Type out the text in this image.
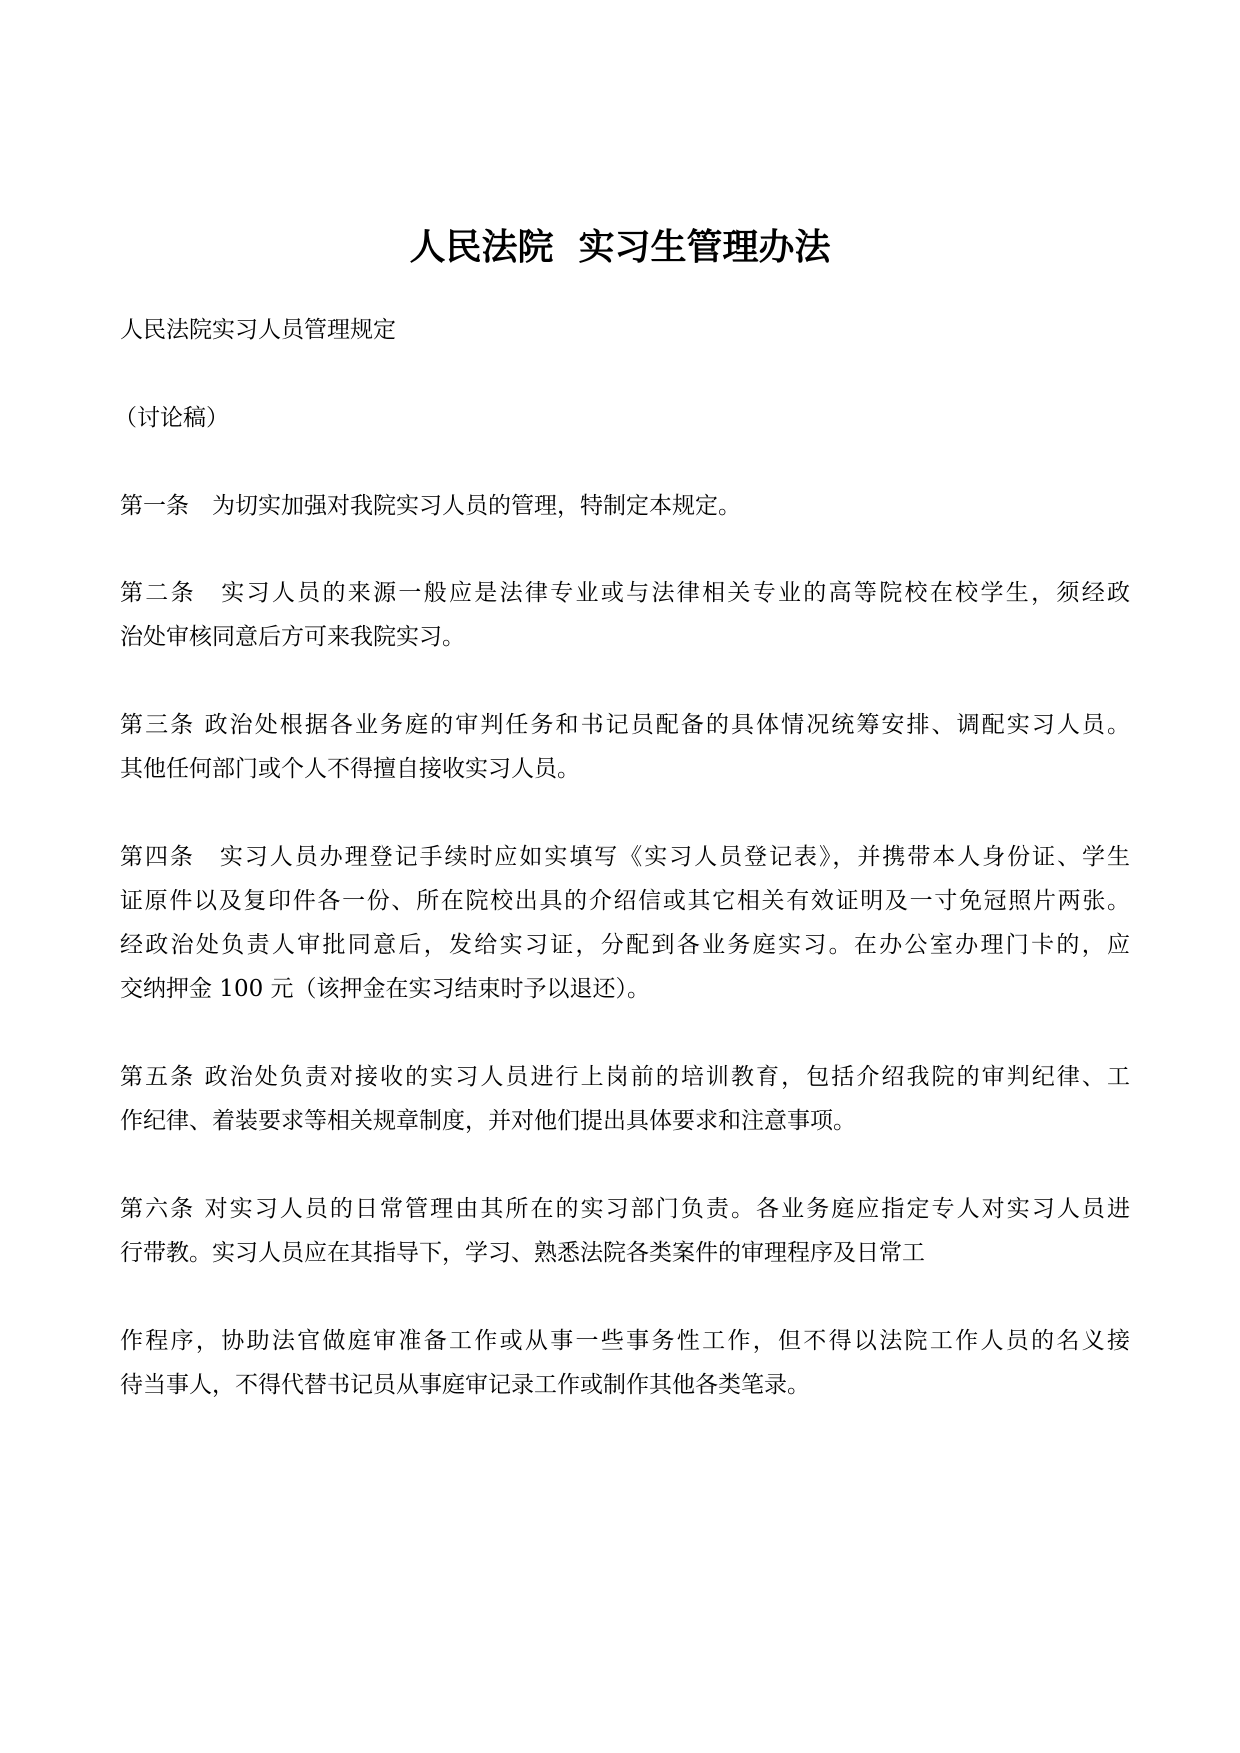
人民法院  实习生管理办法
人民法院实习人员管理规定
（讨论稿）
第一条　为切实加强对我院实习人员的管理，特制定本规定。
第二条　实习人员的来源一般应是法律专业或与法律相关专业的高等院校在校学生，须经政
治处审核同意后方可来我院实习。
第三条 政治处根据各业务庭的审判任务和书记员配备的具体情况统筹安排、调配实习人员。
其他任何部门或个人不得擅自接收实习人员。
第四条　实习人员办理登记手续时应如实填写《实习人员登记表》，并携带本人身份证、学生
证原件以及复印件各一份、所在院校出具的介绍信或其它相关有效证明及一寸免冠照片两张。
经政治处负责人审批同意后，发给实习证，分配到各业务庭实习。在办公室办理门卡的，应
交纳押金 100 元（该押金在实习结束时予以退还）。
第五条 政治处负责对接收的实习人员进行上岗前的培训教育，包括介绍我院的审判纪律、工
作纪律、着装要求等相关规章制度，并对他们提出具体要求和注意事项。
第六条 对实习人员的日常管理由其所在的实习部门负责。各业务庭应指定专人对实习人员进
行带教。实习人员应在其指导下，学习、熟悉法院各类案件的审理程序及日常工
作程序，协助法官做庭审准备工作或从事一些事务性工作，但不得以法院工作人员的名义接
待当事人，不得代替书记员从事庭审记录工作或制作其他各类笔录。
